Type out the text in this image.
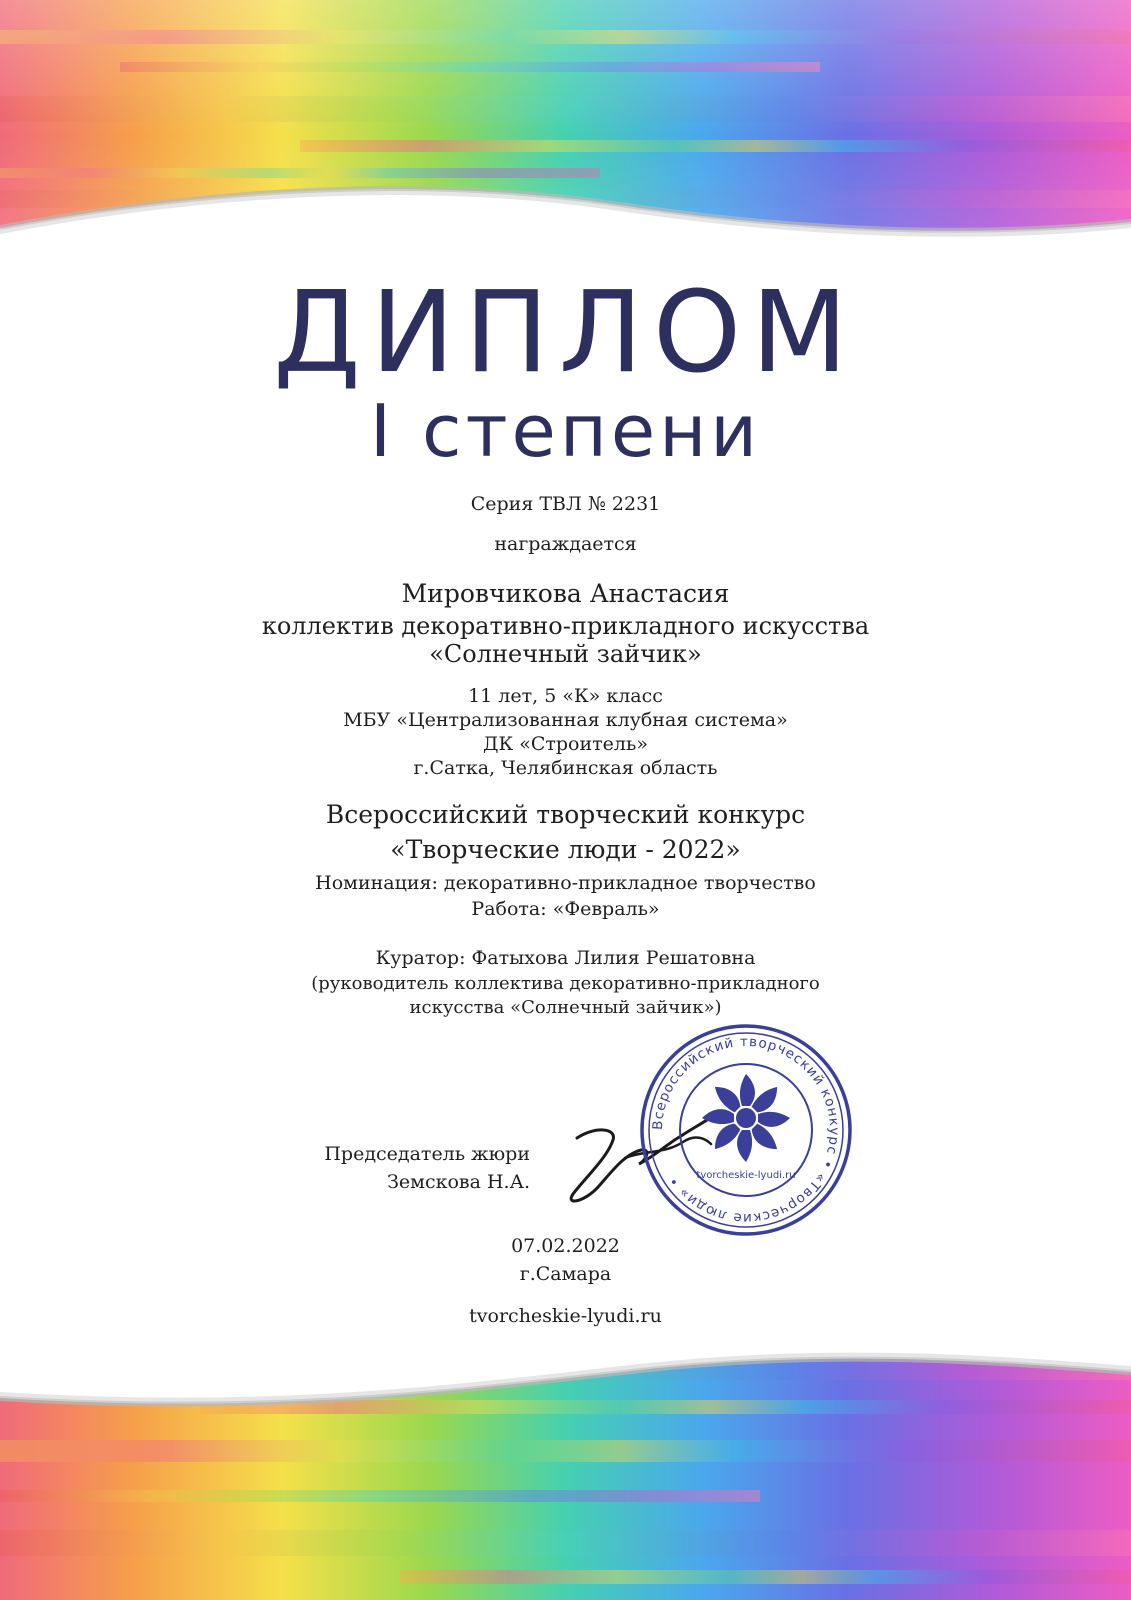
ДИПЛОМ
I степени
Серия ТВЛ № 2231
награждается
Мировчикова Анастасия
коллектив декоративно-прикладного искусства
«Солнечный зайчик»
11 лет, 5 «К» класс
МБУ «Централизованная клубная система»
ДК «Строитель»
г.Сатка, Челябинская область
Всероссийский творческий конкурс
«Творческие люди - 2022»
Номинация: декоративно-прикладное творчество
Работа: «Февраль»
Куратор: Фатыхова Лилия Решатовна
(руководитель коллектива декоративно-прикладного
искусства «Солнечный зайчик»)
Председатель жюри
Земскова Н.А.
Всероссийский творческий конкурс • «Творческие люди» •	tvorcheskie-lyudi.ru
07.02.2022
г.Самара
tvorcheskie-lyudi.ru
